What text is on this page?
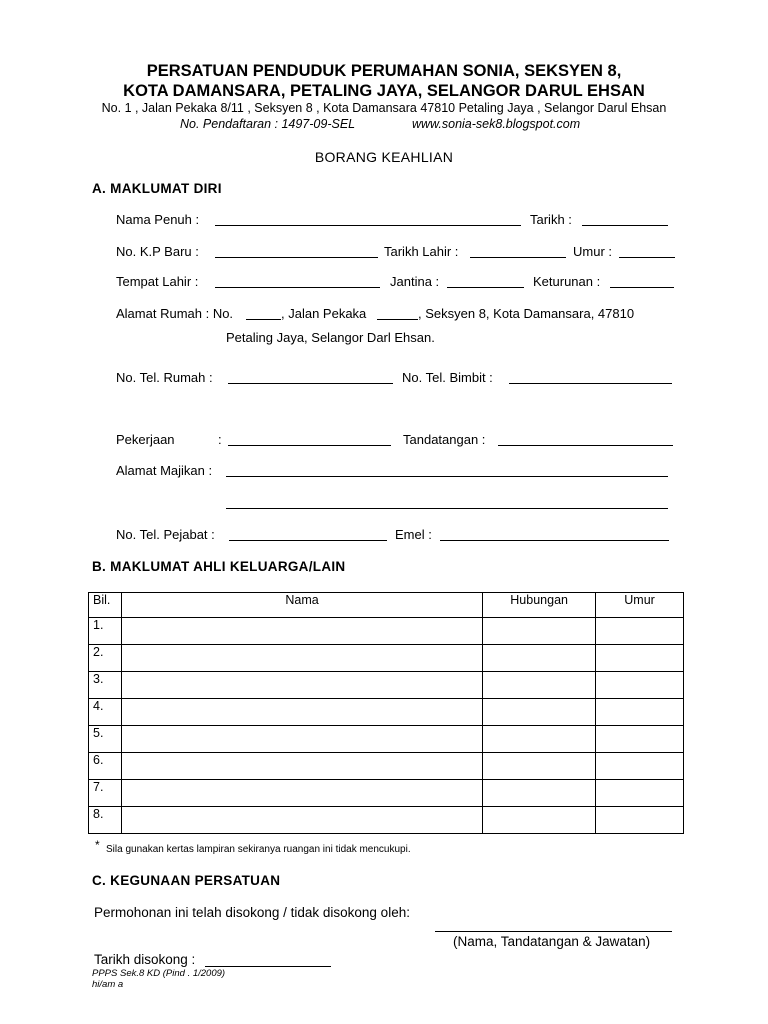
PERSATUAN PENDUDUK PERUMAHAN SONIA, SEKSYEN 8,
KOTA DAMANSARA, PETALING JAYA, SELANGOR DARUL EHSAN
No. 1 , Jalan Pekaka 8/11 , Seksyen 8 , Kota Damansara 47810 Petaling Jaya , Selangor Darul Ehsan
No. Pendaftaran : 1497-09-SEL	www.sonia-sek8.blogspot.com
BORANG KEAHLIAN
A. MAKLUMAT DIRI
Nama Penuh :	Tarikh :
No. K.P Baru :	Tarikh Lahir :	Umur :
Tempat Lahir :	Jantina :	Keturunan :
Alamat Rumah : No.	, Jalan Pekaka	, Seksyen 8, Kota Damansara, 47810
Petaling Jaya, Selangor Darl Ehsan.
No. Tel. Rumah :	No. Tel. Bimbit :
Pekerjaan	:	Tandatangan :
Alamat Majikan :
No. Tel. Pejabat :	Emel :
B. MAKLUMAT AHLI KELUARGA/LAIN
Bil.	Nama	Hubungan	Umur
1.			
2.			
3.			
4.			
5.			
6.			
7.			
8.			
* Sila gunakan kertas lampiran sekiranya ruangan ini tidak mencukupi.
C. KEGUNAAN PERSATUAN
Permohonan ini telah disokong / tidak disokong oleh:
(Nama, Tandatangan & Jawatan)
Tarikh disokong :
PPPS Sek.8 KD (Pind . 1/2009)
hi/am a
